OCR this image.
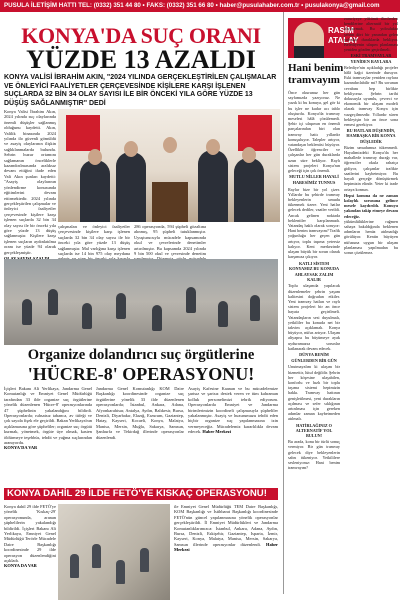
PUSULA İLETİŞİM HATTI TEL: (0332) 351 44 80 • FAKS: (0332) 351 66 80 • haber@pusulahaber.com.tr • pusulakonya@gmail.com
KONYA'DA SUÇ ORANI
YÜZDE 13 AZALDI
KONYA VALİSİ İBRAHİM AKIN, "2024 YILINDA GERÇEKLEŞTİRİLEN ÇALIŞMALAR VE ÖNLEYİCİ FAALİYETLER ÇERÇEVESİNDE KİŞİLERE KARŞI İŞLENEN SUÇLARDA 32 BİN 34 OLAY SAYISI İLE BİR ÖNCEKİ YILA GÖRE YÜZDE 13 DÜŞÜŞ SAĞLANMIŞTIR" DEDİ
Konya Valisi İbrahim Akın, 2024 yılında suç olaylarında önemli düşüşler sağlanmış olduğunu kaydetti. Akın, Valilik binasında 2024 yılında ilo güvenli gömüldü ve asayiş olaylarının ilişkin sağlıklanmalarda bulundu. Sehrin huzur ortamını sağlamanın önceliklerle kazandırılmasında aralıksız devam ettiğini ifade eden Vali Akın şunları kaydetti: "Asayiş olaylarının yönlendirme konusunda eğitimlerini devam ettirmektedir. 2024 yılında gerçekleştirilen çalışmalar ve önleyici faaliyetler çerçevesinde kişilere karşı işlenen suçlarda 32 bin 34 olay sayısı ile bir önceki yıla göre yüzde 13 düşüş sağlanmıştır. Kişilere karşı işlenen suçların aydınlatılma oranı ise yüzde 94 olarak gerçekleşmiştir.
çalışmaları ve önleyici faaliyetler çerçevesinde kişilere karşı işlenen suçlarda 32 bin 34 olay sayısı ile bir önceki yıla göre yüzde 13 düşüş sağlanmıştır. Mal varlığına karşı işlenen suçlarda ise 14 bin 975 olay meydana
286 operasyonda, 594 şüpheli gözaltına alınmış, 95 şüpheli tutuklanmıştır. Uyuşturucuyla mücadele kapsamında okul ve çevrelerinde denetimler artırılmıştır. Bu kapsamda 2024 yılında 9 bin 500 okul ve çevresinde denetim
Organize dolandırıcı suç örgütlerine
'HÜCRE-8' OPERASYONU!
İçişleri Bakanı Ali Yerlikaya, Jandarma Genel Komutanlığı ve Emniyet Genel Müdürlüğü tarafından 33 ilde organize suç örgütlerine yönelik düzenlenen 'Hücre-8' operasyonlarında 47 şüphelinin yakalandığını bildirdi. Operasyonlarda; ruhsatsız tabanca, av tüfeği ve çok sayıda fişek ele geçirildi. Bakan Yerlikaya'nın açıklamasına göre şüpheliler; organize suç örgütü kurmak, yönetmek, örgüte üye olmak, kasten öldürmeye teşebbüs, tehdit ve yağma suçlarından aranıyordu.
KONYA'DA VAR
Jandarma Genel Komutanlığı KOM Daire Başkanlığı koordinesinde organize suç örgütlerine yönelik 33 ilde düzenlenen operasyonlarda; İstanbul, Ankara, Adana, Afyonkarahisar, Antalya, Aydın, Balıkesir, Bursa, Denizli, Diyarbakır, Elazığ, Erzurum, Gaziantep, Hatay, Kayseri, Kocaeli, Konya, Malatya, Manisa, Mersin, Muğla, Sakarya, Samsun, Şanlıurfa ve Tekirdağ illerinde operasyonlar düzenlendi.
Asayiş Kafesine Kaanan ve bu mücadelemize şartsız ve şartsız destek veren ve tüm kahraman kolluk personelimizi tebrik ediyorum. Operasyonlarda Emniyet ve Jandarma birimlerimizin koordineli çalışmasıyla şüpheliler yakalanmıştır. Asayiş ve huzurumuzu tehdit eden hiçbir organize suç yapılanmasına izin vermeyeceğiz. Mücadelemiz kararlılıkla devam edecek. Haber Merkezi
KONYA DAHİL 29 İLDE FETÖ'YE KISKAÇ OPERASYONU!
Konya dahil 29 ilde FETÖ'ye yönelik 'Kıskaç-29' operasyonunda, aranan şüphelilerin yakalandığı bildirildi. İçişleri Bakanı Ali Yerlikaya, Emniyet Genel Müdürlüğü Terörle Mücadele Daire Başkanlığı koordinesinde 29 ilde operasyon düzenlendiğini açıkladı.
KONYA DA VAR
ile Emniyet Genel Müdürlüğü TEM Daire Başkanlığı, KOM Başkanlığı ve İstihbarat Başkanlığı koordinesinde FETÖ'nün güncel yapılanmasına yönelik operasyonlar gerçekleştirildi. İl Emniyet Müdürlükleri ve Jandarma Komutanlıklarımızca: İstanbul, Ankara, Adana, Aydın, Bursa, Denizli, Eskişehir, Gaziantep, Isparta, İzmir, Kayseri, Konya, Malatya, Manisa, Mersin, Sakarya, Samsun illerinde operasyonlar düzenlendi. Haber Merkezi
RASİM
ATALAY
Hani benim tramvayım
Önce okurunuz her gün sayfamızda yazıyoruz. Ne yazık ki bu konuya, gel gör ki bu işler ne kadar acı tablo oluşturdu. Konya'da tramvay meselesi hâlâ çözülemedi. Şehir içi ulaşımın en önemli parçalarından biri olan tramvay hattı yıllardır konuşuluyor. Talepler artıyor, vatandaşın beklentisi büyüyor. Özellikle öğrenciler ve çalışanlar her gün duraklarda uzun süre bekliyor. Raylı sistem projeleri Konya'nın geleceği için çok önemli.
MUTLU NİLLER HAYALİ
HARESİMİZ TUNNUS
Raylar bize bir yol çizer. Yıllardır bu şehirde tramvay bekleyenlerin umudu tükenmek üzere. Yeni hatlar gelecek dediler, vaatler verildi. Ancak gelinen noktada beklentiler karşılanmadı. Vatandaş haklı olarak soruyor: Hani benim tramvayım? Trafik yoğunluğu her geçen gün artıyor, toplu taşıma yetersiz kalıyor. Kent merkezinde ulaşım büyük bir sorun olarak karşımıza çıkıyor.
KATLI SİSTEM KONYAMIZ BU KONUDA
AHLAYSAK ZALIM KALIR
Toplu ulaşımda yapılacak düzenlemeler şehrin yaşam kalitesini doğrudan etkiler. Yeni tramvay hatları ve raylı sistem projeleri bir an önce hayata geçirilmeli. Vatandaşların sesi duyulmalı, yetkililer bu konuda net bir takvim açıklamalı. Konya büyüyor, nüfus artıyor. Ulaşım altyapısı bu büyümeye ayak uyduramazsa sorunlar katlanarak devam edecek.
DÜNYA BENİM
GÜNLERDEN BİR GÜN
Unutmayalım ki ulaşım bir hizmettir, lütuf değildir. Şehrin her köşesine ulaşabilen, konforlu ve hızlı bir toplu taşıma sistemi hepimizin hakkı. Tramvay hattının genişletilmesi, yeni durakların açılması ve sefer sıklığının artırılması için gereken adımlar zaman kaybetmeden atılmalı.
HATİRLAĞINIZ O ALTERNATİF YOL BULUN!
Bu arada, konu bir türlü sonuç vermiyor. Bir gün tramvay gelecek diye bekleyenlerin sabrı tükeniyor. Yetkililere sesleniyoruz: Hani benim tramvayım?
zaruriyeye yükümü ilimlerden kendilerine alternatif bir yol oluşturmak. Bu yolculukta şehrin dört bir yanından gelen yolcular duraklarda bekliyor. Belediyenin ulaşım planlaması yeniden gözden geçirilmeli.
ESKİ TRAMVAYLAR YENİDEN RAYLARA
Belediye'nin açıkladığı projeler hâlâ kağıt üzerinde duruyor. Eski tramvaylar yeniden raylara kazandırılabilir mi? Bu sorunun cevabını hep birlikte bekliyoruz. Şehrin tarihi dokusuyla uyumlu, çevreci ve ekonomik bir ulaşım modeli olarak tramvay Konya için vazgeçilmezdir. Yıllardır süren bekleyişin bir an önce sona ermesi gerekiyor.
BU HATLAR DÜŞENDİN, HAMBAŞKA BİR KONYA DÜŞLEDİK
Bizim umudumuz tükenmedi. Hayalimizdeki Konya'da her mahallede tramvay durağı var, öğrenciler okula rahatça gidiyor, çalışanlar trafikte saatlerini kaybetmiyor. Bu hayali gerçeğe dönüştürmek hepimizin elinde. Yeter ki irade ortaya konsun.
Hepsi konuna da ne zaman kolaylık sorusuna gelince mesele kaydırıldı. Konuyu yakından takip etmeye devam edeceğiz.
yükümlülüklerine rağmen sahaya bakıldığında beklenen adımların henüz atılmadığı görülüyor. Kentin büyüyen nüfusuna uygun bir ulaşım planlaması yapılmadan bu sorun çözülemez.
